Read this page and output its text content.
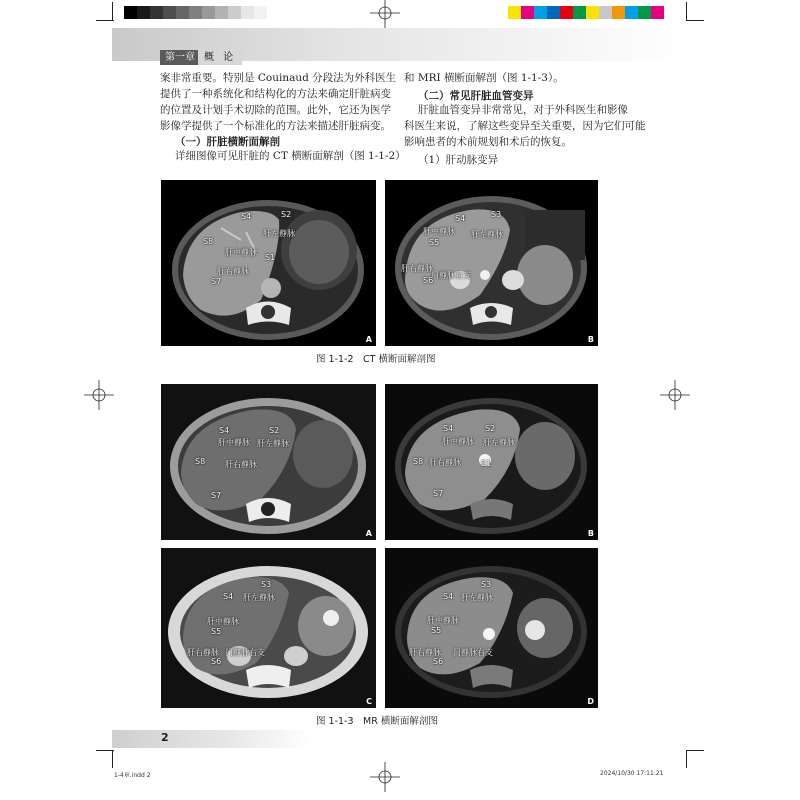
第一章 概 论

案非常重要。特别是 Couinaud 分段法为外科医生
提供了一种系统化和结构化的方法来确定肝脏病变
的位置及计划手术切除的范围。此外，它还为医学
影像学提供了一个标准化的方法来描述肝脏病变。

（一）肝脏横断面解剖

详细图像可见肝脏的 CT 横断面解剖（图 1-1-2）

和 MRI 横断面解剖（图 1-1-3）。

（二）常见肝脏血管变异

肝脏血管变异非常常见，对于外科医生和影像
科医生来说，了解这些变异至关重要，因为它们可能
影响患者的术前规划和术后的恢复。

（1）肝动脉变异

S4	S2
肝左静脉
S8
肝中静脉
S1
肝右静脉
S7
A
S4	S3
肝中静脉 肝左静脉
S5
肝右静脉
门静脉右支
S6
B
图 1-1-2　CT 横断面解剖图
S4	S2
肝中静脉 肝左静脉
S8 肝右静脉
S7
A
S4	S2
肝中静脉 肝左静脉
S8 肝右静脉	S1
S7
B
S3
S4 肝左静脉
肝中静脉
S5
肝右静脉 门静脉右支
S6
C
S3
S4 肝左静脉
肝中静脉
S5
肝右静脉 门静脉右支
S6
D
图 1-1-3　MR 横断面解剖图
2
1-4章.indd 2	2024/10/30 17:11:21
